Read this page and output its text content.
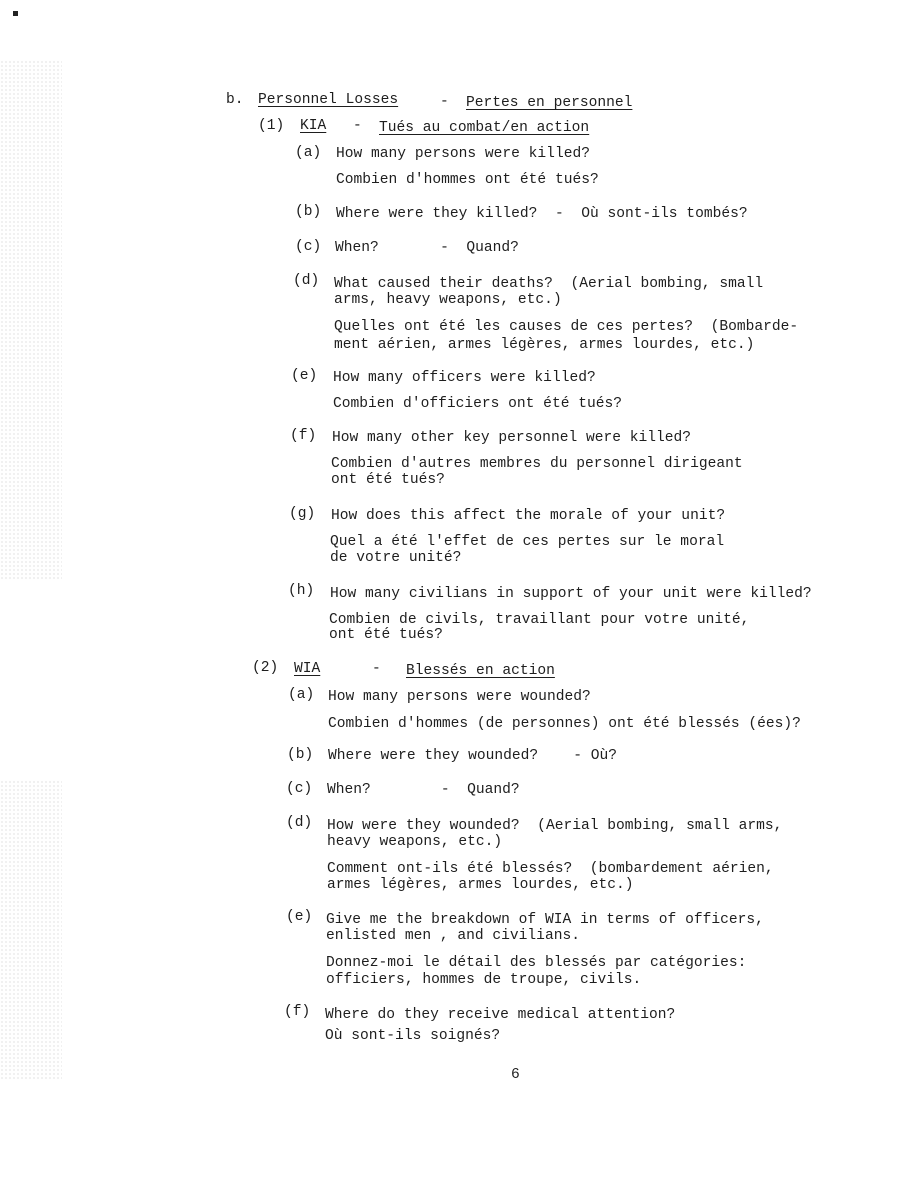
b. Personnel Losses	- Pertes en personnel
(1) KIA - Tués au combat/en action
(a) How many persons were killed?
Combien d'hommes ont été tués?
(b) Where were they killed?  -  Où sont-ils tombés?
(c) When?       -  Quand?
(d) What caused their deaths?  (Aerial bombing, small
arms, heavy weapons, etc.)
Quelles ont été les causes de ces pertes?  (Bombarde-
ment aérien, armes légères, armes lourdes, etc.)
(e) How many officers were killed?
Combien d'officiers ont été tués?
(f) How many other key personnel were killed?
Combien d'autres membres du personnel dirigeant
ont été tués?
(g) How does this affect the morale of your unit?
Quel a été l'effet de ces pertes sur le moral
de votre unité?
(h) How many civilians in support of your unit were killed?
Combien de civils, travaillant pour votre unité,
ont été tués?
(2) WIA	- Blessés en action
(a) How many persons were wounded?
Combien d'hommes (de personnes) ont été blessés (ées)?
(b) Where were they wounded?    - Où?
(c) When?        -  Quand?
(d) How were they wounded?  (Aerial bombing, small arms,
heavy weapons, etc.)
Comment ont-ils été blessés?  (bombardement aérien,
armes légères, armes lourdes, etc.)
(e) Give me the breakdown of WIA in terms of officers,
enlisted men , and civilians.
Donnez-moi le détail des blessés par catégories:
officiers, hommes de troupe, civils.
(f) Where do they receive medical attention?
Où sont-ils soignés?
6
